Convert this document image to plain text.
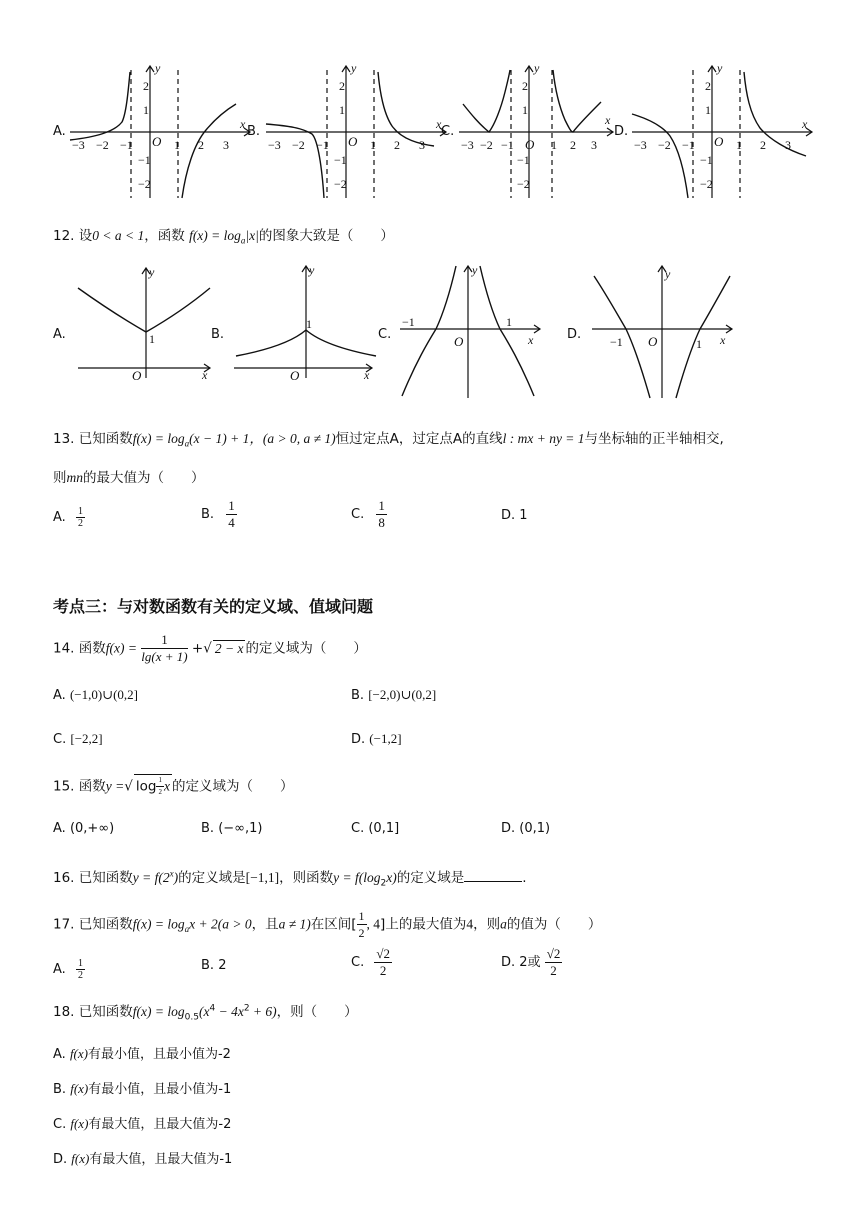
A.	B.	C.	D.
x
y
O
−3 −2 −1	1 2 3
2
1
−1
−2
x
y
O
−3 −2 −1	1 2 3
2
1
−1
−2
x
y
O
−3 −2 −1	1 2 3
2
1
−1
−2
x
y
O
−3 −2 −1	1 2 3
2
1
−1
−2
12. 设0 < a < 1，函数 $f(x) = \log_a|x|$的图象大致是（　　）
A.	B.	C.	D.
y
x
O
1
y
x
O
1
y
x
O
−1	1
y
x
O
−1	1
13. 已知函数$f(x) = \log_a(x - 1) + 1$，(a > 0, a ≠ 1)恒过定点A，过定点A的直线l : mx + ny = 1与坐标轴的正半轴相交,
则mn的最大值为（　　）
A. $\frac{1}{2}$	B. $\frac{1}{4}$	C. $\frac{1}{8}$	D. 1
考点三：与对数函数有关的定义域、值域问题
14. 函数$f(x) = \frac{1}{\lg(x + 1)}$ +√ 2 − x 的定义域为（　　）
A. (−1,0)∪(0,2]	B. [−2,0)∪(0,2]
C. [−2,2]	D. (−1,2]
15. 函数y =√ $\log \frac{1}{2}$ x 的定义域为（　　）
A. (0,+∞)	B. (−∞,1)	C. (0,1]	D. (0,1)
16. 已知函数$y = f(2^x)$的定义域是[−1,1]，则函数$y = f(\log_2x)$的定义域是	.
17. 已知函数$f(x) = \log_ax + 2(a > 0$，且a ≠ 1)在区间[ $\frac{1}{2}$ , 4]上的最大值为4，则a的值为（　　）
A. $\frac{1}{2}$	B. 2	C. $\frac{√2}{2}$	D. 2或 $\frac{√2}{2}$
18. 已知函数$f(x) = \log_{0.5}(x^4 - 4x^2 + 6)$，则（　　）
A. f(x)有最小值，且最小值为-2
B. f(x)有最小值，且最小值为-1
C. f(x)有最大值，且最大值为-2
D. f(x)有最大值，且最大值为-1
